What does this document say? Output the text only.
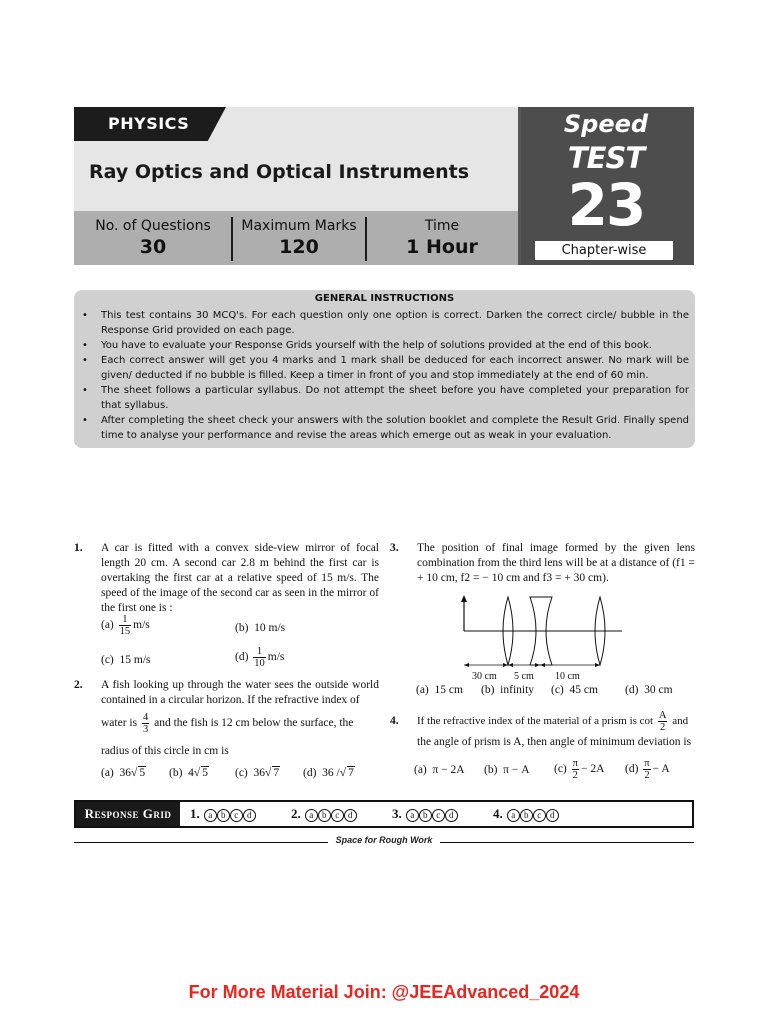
PHYSICS
Ray Optics and Optical Instruments
No. of Questions
30
Maximum Marks
120
Time
1 Hour
Speed
TEST
23
Chapter-wise
GENERAL INSTRUCTIONS
• This test contains 30 MCQ's. For each question only one option is correct. Darken the correct circle/ bubble in the Response Grid provided on each page.
• You have to evaluate your Response Grids yourself with the help of solutions provided at the end of this book.
• Each correct answer will get you 4 marks and 1 mark shall be deduced for each incorrect answer. No mark will be given/ deducted if no bubble is filled. Keep a timer in front of you and stop immediately at the end of 60 min.
• The sheet follows a particular syllabus. Do not attempt the sheet before you have completed your preparation for that syllabus.
• After completing the sheet check your answers with the solution booklet and complete the Result Grid. Finally spend time to analyse your performance and revise the areas which emerge out as weak in your evaluation.
1. A car is fitted with a convex side-view mirror of focal length 20 cm. A second car 2.8 m behind the first car is overtaking the first car at a relative speed of 15 m/s. The speed of the image of the second car as seen in the mirror of the first one is :
$(a) \frac{1}{15} m/s$	(b) 10 m/s
(c) 15 m/s	$(d) \frac{1}{10} m/s$
2. A fish looking up through the water sees the outside world contained in a circular horizon. If the refractive index of
water is $\frac{4}{3}$ and the fish is 12 cm below the surface, the
radius of this circle in cm is
(a) 36√ 5 (b) 4√ 5 (c) 36√ 7 (d) 36 /√ 7
3. The position of final image formed by the given lens combination from the third lens will be at a distance of (f1 = + 10 cm, f2 = − 10 cm and f3 = + 30 cm).
30 cm 5 cm 10 cm
(a) 15 cm (b) infinity (c) 45 cm (d) 30 cm
4. If the refractive index of the material of a prism is $\cot \frac{A}{2}$ and
the angle of prism is A, then angle of minimum deviation is
(a) π − 2A (b) π − A $(c) \frac{\pi}{2} - 2A$ $(d) \frac{\pi}{2} - A$
Response Grid	1. a b c d	2. a b c d	3. a b c d	4. a b c d
Space for Rough Work
For More Material Join: @JEEAdvanced_2024
